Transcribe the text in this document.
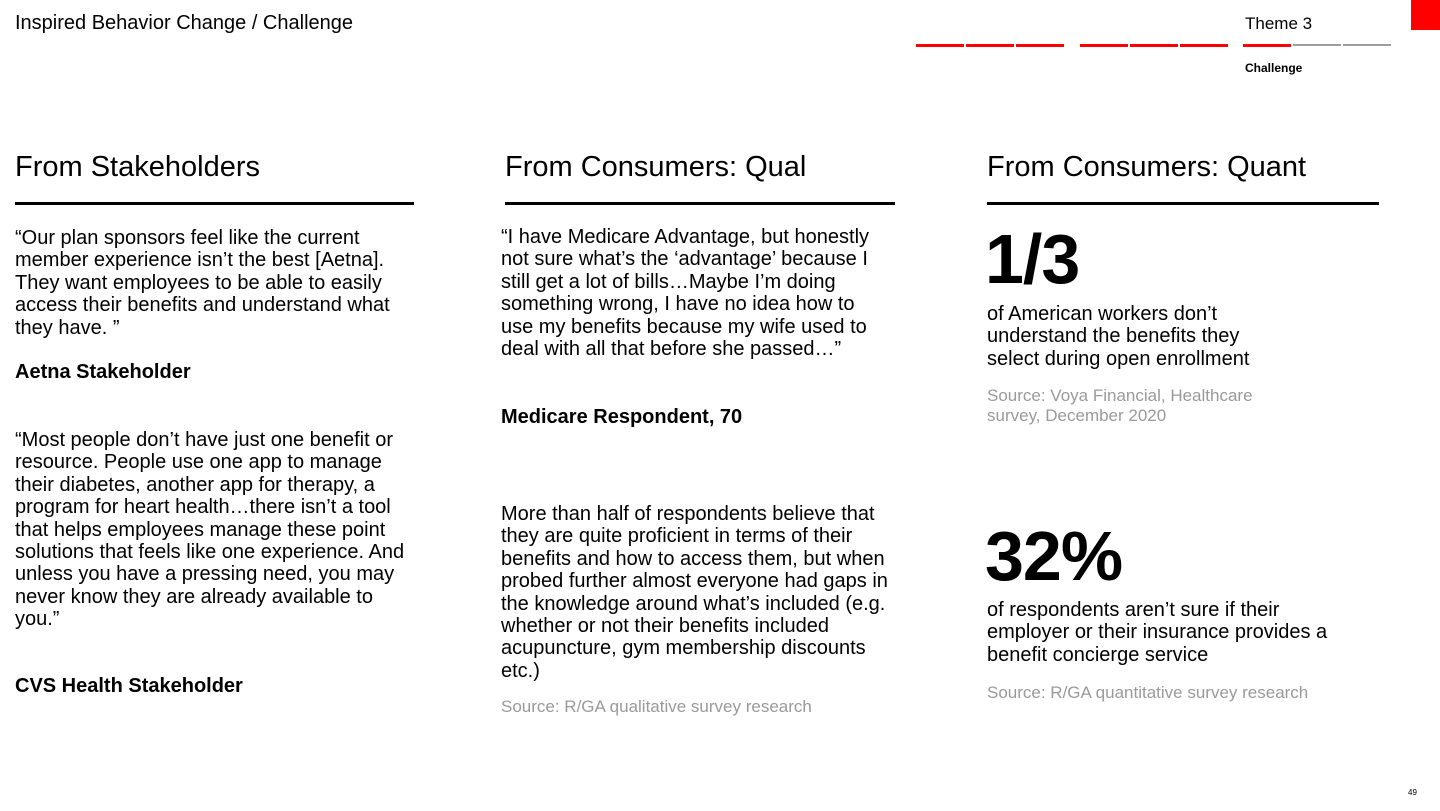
Inspired Behavior Change / Challenge	Theme 3
Challenge
From Stakeholders
“Our plan sponsors feel like the current member experience isn’t the best [Aetna]. They want employees to be able to easily access their benefits and understand what they have. ”
Aetna Stakeholder
“Most people don’t have just one benefit or resource. People use one app to manage their diabetes, another app for therapy, a program for heart health…there isn’t a tool that helps employees manage these point solutions that feels like one experience. And unless you have a pressing need, you may never know they are already available to you.”
CVS Health Stakeholder
From Consumers: Qual
“I have Medicare Advantage, but honestly not sure what’s the ‘advantage’ because I still get a lot of bills…Maybe I’m doing something wrong, I have no idea how to use my benefits because my wife used to deal with all that before she passed…”
Medicare Respondent, 70
More than half of respondents believe that they are quite proficient in terms of their benefits and how to access them, but when probed further almost everyone had gaps in the knowledge around what’s included (e.g. whether or not their benefits included acupuncture, gym membership discounts etc.)
Source: R/GA qualitative survey research
From Consumers: Quant
1/3
of American workers don’t understand the benefits they select during open enrollment
Source: Voya Financial, Healthcare survey, December 2020
32%
of respondents aren’t sure if their employer or their insurance provides a benefit concierge service
Source: R/GA quantitative survey research
49
